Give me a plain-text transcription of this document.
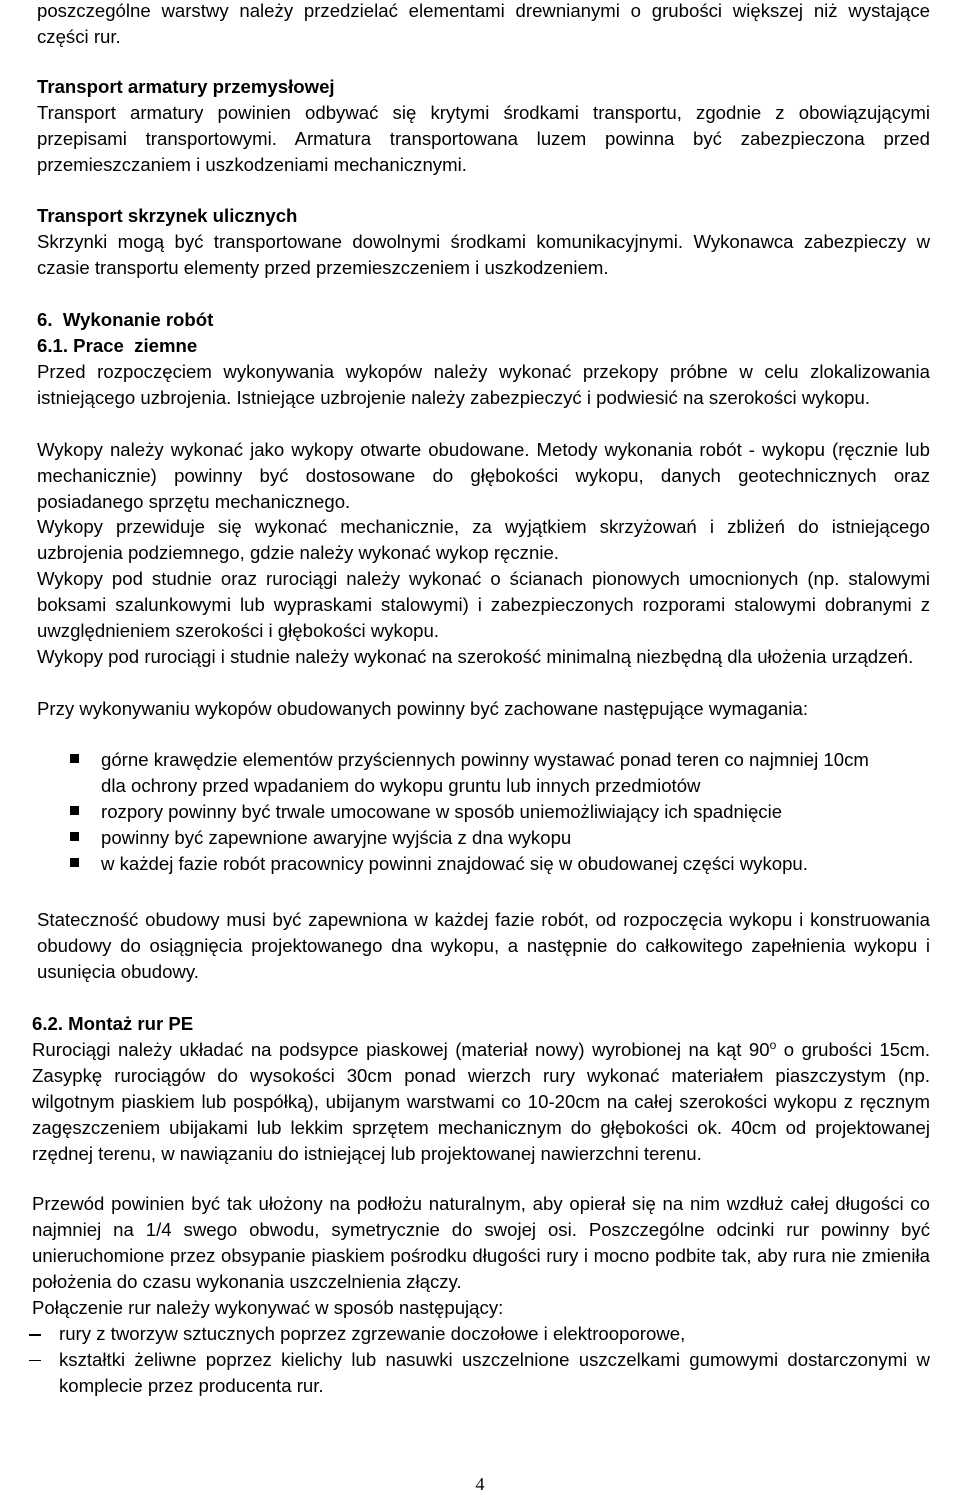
poszczególne warstwy należy przedzielać elementami drewnianymi o grubości większej niż wystające części rur.

Transport armatury przemysłowej

Transport armatury powinien odbywać się krytymi środkami transportu, zgodnie z obowiązującymi przepisami transportowymi. Armatura transportowana luzem powinna być zabezpieczona przed przemieszczaniem i uszkodzeniami mechanicznymi.

Transport skrzynek ulicznych

Skrzynki mogą być transportowane dowolnymi środkami komunikacyjnymi. Wykonawca zabezpieczy w czasie transportu elementy przed przemieszczeniem i uszkodzeniem.

6.  Wykonanie robót
6.1. Prace  ziemne

Przed rozpoczęciem wykonywania wykopów należy wykonać przekopy próbne w celu zlokalizowania istniejącego uzbrojenia. Istniejące uzbrojenie należy zabezpieczyć i podwiesić na szerokości wykopu.

Wykopy należy wykonać jako wykopy otwarte obudowane. Metody wykonania robót - wykopu (ręcznie lub mechanicznie) powinny być dostosowane do głębokości wykopu, danych geotechnicznych oraz posiadanego sprzętu mechanicznego.

Wykopy przewiduje się wykonać mechanicznie, za wyjątkiem skrzyżowań i zbliżeń do istniejącego uzbrojenia podziemnego, gdzie należy wykonać wykop ręcznie.

Wykopy pod studnie oraz rurociągi należy wykonać o ścianach pionowych umocnionych (np. stalowymi boksami szalunkowymi lub wypraskami stalowymi) i zabezpieczonych rozporami stalowymi dobranymi z uwzględnieniem szerokości i głębokości wykopu.

Wykopy pod rurociągi i studnie należy wykonać na szerokość minimalną niezbędną dla ułożenia urządzeń.

Przy wykonywaniu wykopów obudowanych powinny być zachowane następujące wymagania:

górne krawędzie elementów przyściennych powinny wystawać ponad teren co najmniej 10cm dla ochrony przed wpadaniem do wykopu gruntu lub innych przedmiotów
rozpory powinny być trwale umocowane w sposób uniemożliwiający ich spadnięcie
powinny być zapewnione awaryjne wyjścia z dna wykopu
w każdej fazie robót pracownicy powinni znajdować się w obudowanej części wykopu.

Stateczność obudowy musi być zapewniona w każdej fazie robót, od rozpoczęcia wykopu i konstruowania obudowy do osiągnięcia projektowanego dna wykopu, a następnie do całkowitego zapełnienia wykopu i usunięcia obudowy.

6.2. Montaż rur PE

Rurociągi należy układać na podsypce piaskowej (materiał nowy) wyrobionej na kąt 90$^o$ o grubości 15cm. Zasypkę rurociągów do wysokości 30cm ponad wierzch rury wykonać materiałem piaszczystym (np. wilgotnym piaskiem lub pospółką), ubijanym warstwami co 10-20cm na całej szerokości wykopu z ręcznym zagęszczeniem ubijakami lub lekkim sprzętem mechanicznym do głębokości ok. 40cm od projektowanej rzędnej terenu, w nawiązaniu do istniejącej lub projektowanej nawierzchni terenu.

Przewód powinien być tak ułożony na podłożu naturalnym, aby opierał się na nim wzdłuż całej długości co najmniej na 1/4 swego obwodu, symetrycznie do swojej osi. Poszczególne odcinki rur powinny być unieruchomione przez obsypanie piaskiem pośrodku długości rury i mocno podbite tak, aby rura nie zmieniła położenia do czasu wykonania uszczelnienia złączy.

Połączenie rur należy wykonywać w sposób następujący:

rury z tworzyw sztucznych poprzez zgrzewanie doczołowe i elektrooporowe,
kształtki żeliwne poprzez kielichy lub nasuwki uszczelnione uszczelkami gumowymi dostarczonymi w komplecie przez producenta rur.
4
